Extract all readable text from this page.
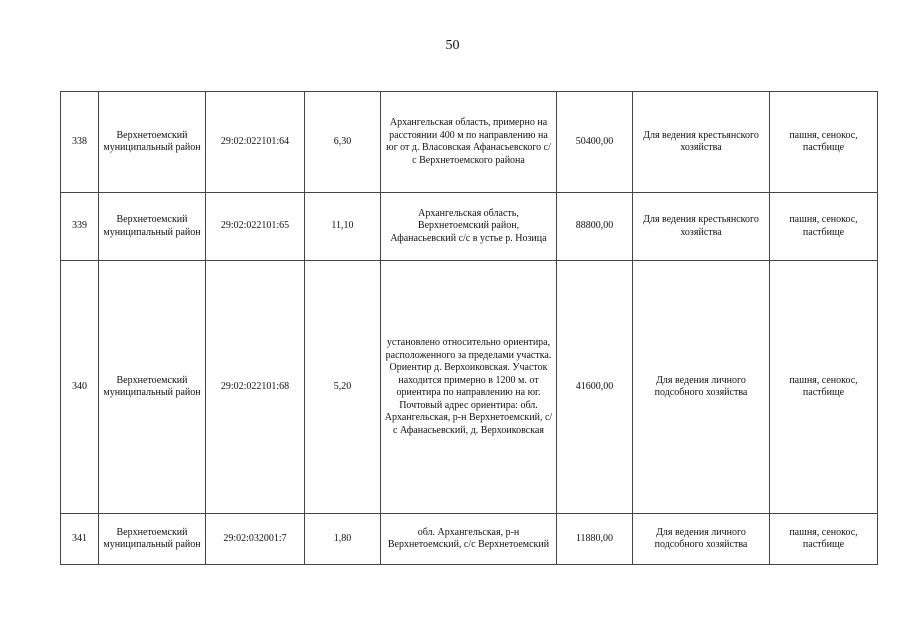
50
338	Верхнетоемский муниципальный район	29:02:022101:64	6,30	Архангельская область, примерно на расстоянии 400 м по направлению на юг от д. Власовская Афанасьевского с/с Верхнетоемского района	50400,00	Для ведения крестьянского хозяйства	пашня, сенокос, пастбище
339	Верхнетоемский муниципальный район	29:02:022101:65	11,10	Архангельская область, Верхнетоемский район, Афанасьевский с/с в устье р. Нозица	88800,00	Для ведения крестьянского хозяйства	пашня, сенокос, пастбище
340	Верхнетоемский муниципальный район	29:02:022101:68	5,20	установлено относительно ориентира, расположенного за пределами участка. Ориентир д. Верхоиковская. Участок находится примерно в 1200 м. от ориентира по направлению на юг. Почтовый адрес ориентира: обл. Архангельская, р-н Верхнетоемский, с/с Афанасьевский, д. Верхоиковская	41600,00	Для ведения личного подсобного хозяйства	пашня, сенокос, пастбище
341	Верхнетоемский муниципальный район	29:02:032001:7	1,80	обл. Архангельская, р-н Верхнетоемский, с/с Верхнетоемский	11880,00	Для ведения личного подсобного хозяйства	пашня, сенокос, пастбище
